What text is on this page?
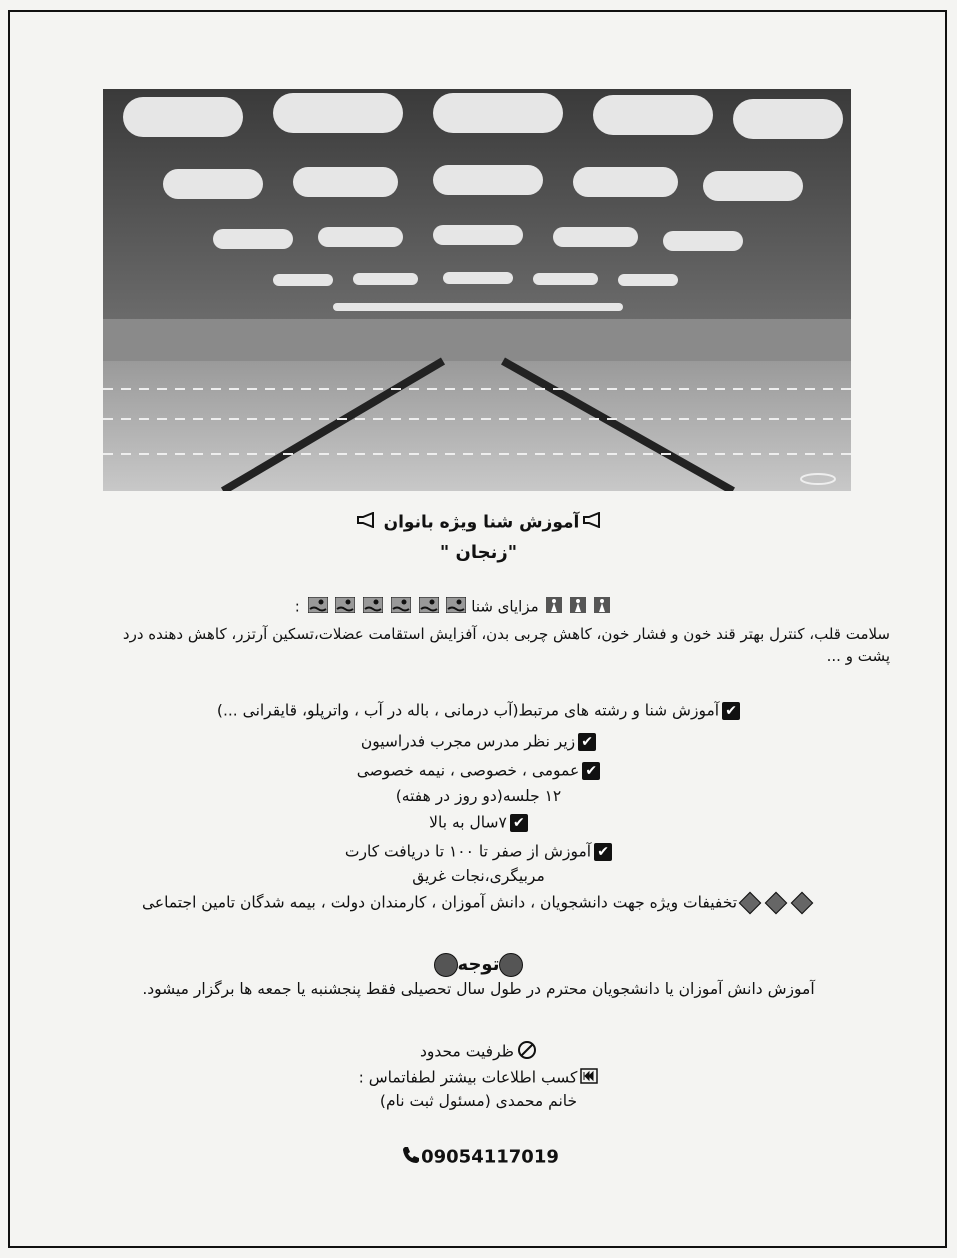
آموزش شنا ویژه بانوان
"زنجان "
مزایای شنا       :
سلامت قلب، کنترل بهتر قند خون و فشار خون، کاهش چربی بدن، آفزایش استقامت عضلات،تسکین آرتزر، کاهش دهنده درد پشت و ...
✔آموزش شنا و رشته های مرتبط(آب درمانی ، باله در آب ، واترپلو، قایقرانی ...)
✔زیر نظر مدرس مجرب فدراسیون
✔عمومی ، خصوصی ، نیمه خصوصی
۱۲ جلسه(دو روز در هفته)
✔۷سال به بالا
✔آموزش از صفر تا ۱۰۰ تا دریافت کارت
مربیگری،نجات غریق
تخفیفات ویژه جهت دانشجویان ، دانش آموزان ، کارمندان دولت ، بیمه شدگان تامین اجتماعی
توجه
آموزش دانش آموزان یا دانشجویان محترم در طول سال تحصیلی فقط پنجشنبه یا جمعه ها برگزار میشود.
ظرفیت محدود
کسب اطلاعات بیشتر لطفاتماس :
خانم محمدی (مسئول ثبت نام)
09054117019
